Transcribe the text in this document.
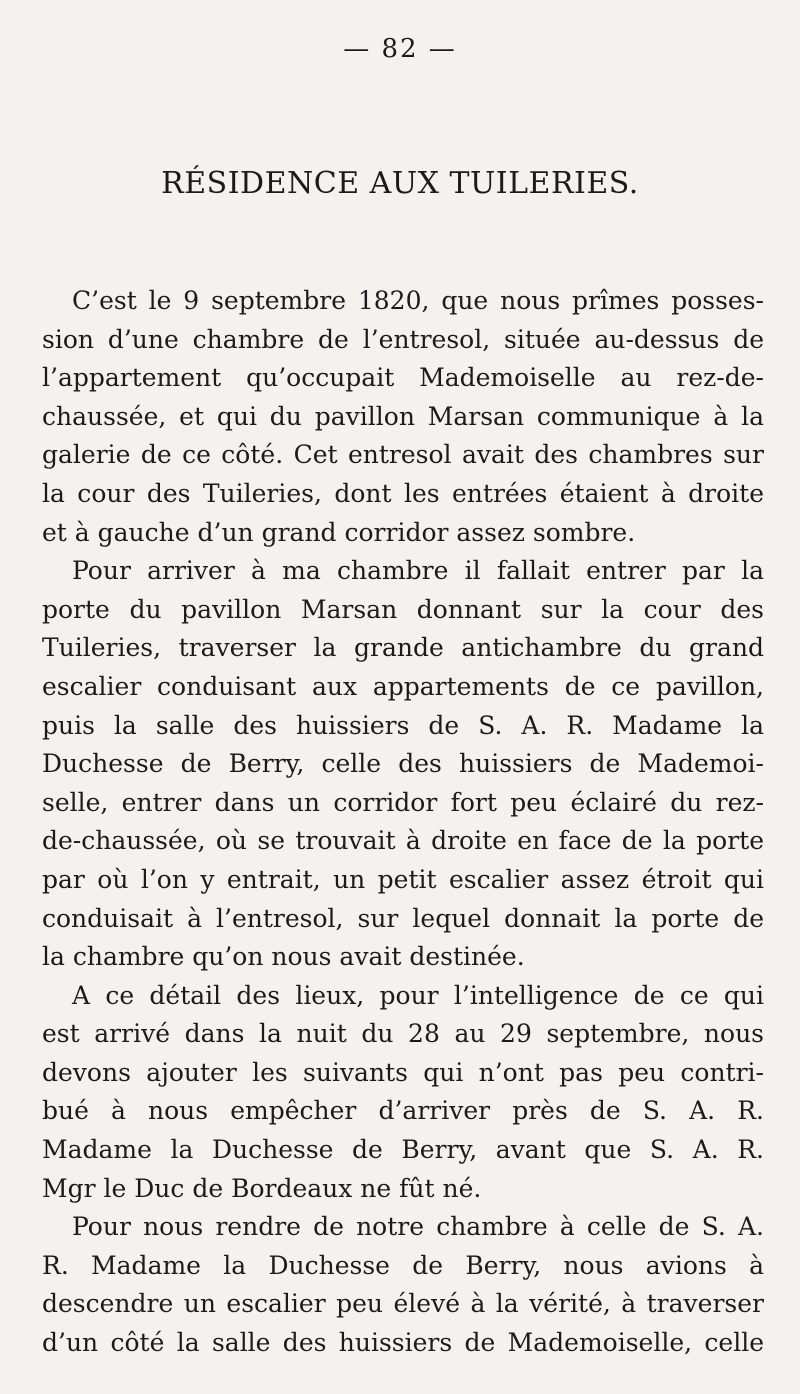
— 82 —
RÉSIDENCE AUX TUILERIES.
C’est le 9 septembre 1820, que nous prîmes posses-
sion d’une chambre de l’entresol, située au-dessus de
l’appartement qu’occupait Mademoiselle au rez-de-
chaussée, et qui du pavillon Marsan communique à la
galerie de ce côté. Cet entresol avait des chambres sur
la cour des Tuileries, dont les entrées étaient à droite
et à gauche d’un grand corridor assez sombre.
Pour arriver à ma chambre il fallait entrer par la
porte du pavillon Marsan donnant sur la cour des
Tuileries, traverser la grande antichambre du grand
escalier conduisant aux appartements de ce pavillon,
puis la salle des huissiers de S. A. R. Madame la
Duchesse de Berry, celle des huissiers de Mademoi-
selle, entrer dans un corridor fort peu éclairé du rez-
de-chaussée, où se trouvait à droite en face de la porte
par où l’on y entrait, un petit escalier assez étroit qui
conduisait à l’entresol, sur lequel donnait la porte de
la chambre qu’on nous avait destinée.
A ce détail des lieux, pour l’intelligence de ce qui
est arrivé dans la nuit du 28 au 29 septembre, nous
devons ajouter les suivants qui n’ont pas peu contri-
bué à nous empêcher d’arriver près de S. A. R.
Madame la Duchesse de Berry, avant que S. A. R.
Mgr le Duc de Bordeaux ne fût né.
Pour nous rendre de notre chambre à celle de S. A.
R. Madame la Duchesse de Berry, nous avions à
descendre un escalier peu élevé à la vérité, à traverser
d’un côté la salle des huissiers de Mademoiselle, celle
